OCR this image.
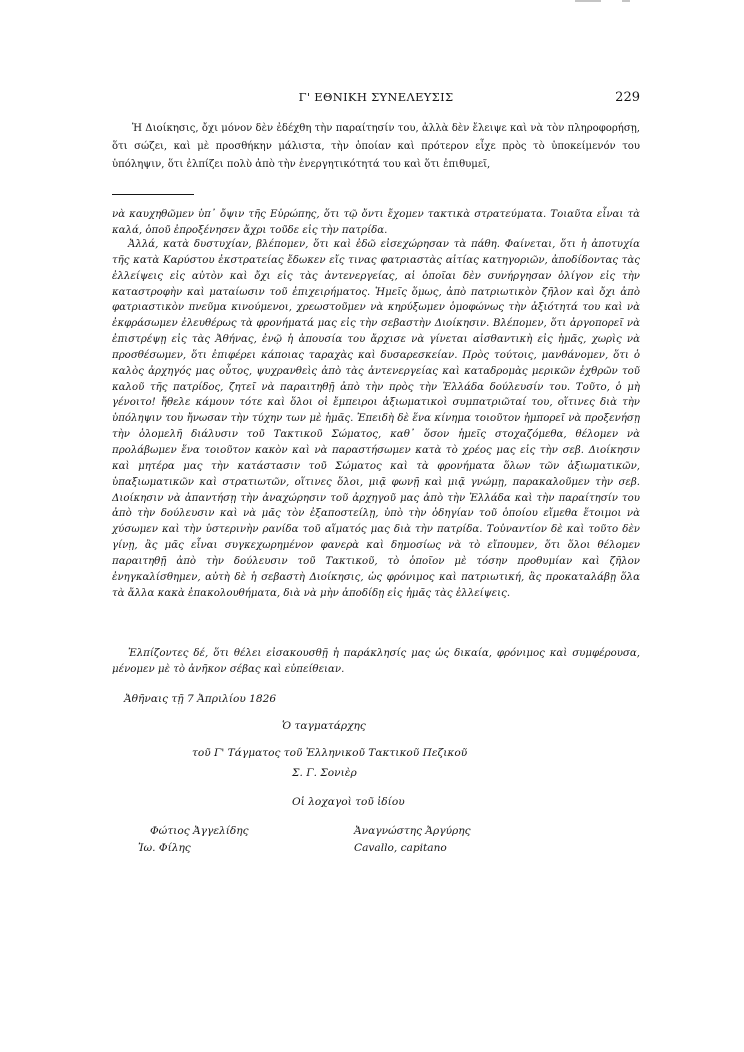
Γ' ΕΘΝΙΚΗ ΣΥΝΕΛΕΥΣΙΣ	229

Ἡ Διοίκησις, ὄχι μόνον δὲν ἐδέχθη τὴν παραίτησίν του, ἀλλὰ δὲν ἔλειψε καὶ νὰ τὸν πληροφορήσῃ, ὅτι σώζει, καὶ μὲ προσθήκην μάλιστα, τὴν ὁποίαν καὶ πρότερον εἶχε πρὸς τὸ ὑποκείμενόν του ὑπόληψιν, ὅτι ἐλπίζει πολὺ ἀπὸ τὴν ἐνεργητικότητά του καὶ ὅτι ἐπιθυμεῖ,

νὰ καυχηθῶμεν ὑπ᾽ ὄψιν τῆς Εὐρώπης, ὅτι τῷ ὄντι ἔχομεν τακτικὰ στρατεύματα. Τοιαῦτα εἶναι τὰ καλά, ὁποῦ ἐπροξένησεν ἄχρι τοῦδε εἰς τὴν πατρίδα.

Ἀλλά, κατὰ δυστυχίαν, βλέπομεν, ὅτι καὶ ἐδῶ εἰσεχώρησαν τὰ πάθη. Φαίνεται, ὅτι ἡ ἀποτυχία τῆς κατὰ Καρύστου ἐκστρατείας ἔδωκεν εἴς τινας φατριαστὰς αἰτίας κατηγοριῶν, ἀποδίδοντας τὰς ἐλλείψεις εἰς αὐτὸν καὶ ὄχι εἰς τὰς ἀντενεργείας, αἱ ὁποῖαι δὲν συνήργησαν ὀλίγον εἰς τὴν καταστροφὴν καὶ ματαίωσιν τοῦ ἐπιχειρήματος. Ἡμεῖς ὅμως, ἀπὸ πατριωτικὸν ζῆλον καὶ ὄχι ἀπὸ φατριαστικὸν πνεῦμα κινούμενοι, χρεωστοῦμεν νὰ κηρύξωμεν ὁμοφώνως τὴν ἀξιότητά του καὶ νὰ ἐκφράσωμεν ἐλευθέρως τὰ φρονήματά μας εἰς τὴν σεβαστὴν Διοίκησιν. Βλέπομεν, ὅτι ἀργοπορεῖ νὰ ἐπιστρέψῃ εἰς τὰς Ἀθήνας, ἐνῷ ἡ ἀπουσία του ἄρχισε νὰ γίνεται αἰσθαντικὴ εἰς ἡμᾶς, χωρὶς νὰ προσθέσωμεν, ὅτι ἐπιφέρει κάποιας ταραχὰς καὶ δυσαρεσκείαν. Πρὸς τούτοις, μανθάνομεν, ὅτι ὁ καλὸς ἀρχηγός μας οὗτος, ψυχρανθεὶς ἀπὸ τὰς ἀντενεργείας καὶ καταδρομὰς μερικῶν ἐχθρῶν τοῦ καλοῦ τῆς πατρίδος, ζητεῖ νὰ παραιτηθῇ ἀπὸ τὴν πρὸς τὴν Ἑλλάδα δούλευσίν του. Τοῦτο, ὁ μὴ γένοιτο! ἤθελε κάμουν τότε καὶ ὅλοι οἱ ἔμπειροι ἀξιωματικοὶ συμπατριῶταί του, οἵτινες διὰ τὴν ὑπόληψιν του ἤνωσαν τὴν τύχην των μὲ ἡμᾶς. Ἐπειδὴ δὲ ἕνα κίνημα τοιοῦτον ἠμπορεῖ νὰ προξενήσῃ τὴν ὁλομελῆ διάλυσιν τοῦ Τακτικοῦ Σώματος, καθ᾽ ὅσον ἡμεῖς στοχαζόμεθα, θέλομεν νὰ προλάβωμεν ἕνα τοιοῦτον κακὸν καὶ νὰ παραστήσωμεν κατὰ τὸ χρέος μας εἰς τὴν σεβ. Διοίκησιν καὶ μητέρα μας τὴν κατάστασιν τοῦ Σώματος καὶ τὰ φρονήματα ὅλων τῶν ἀξιωματικῶν, ὑπαξιωματικῶν καὶ στρατιωτῶν, οἵτινες ὅλοι, μιᾷ φωνῇ καὶ μιᾷ γνώμῃ, παρακαλοῦμεν τὴν σεβ. Διοίκησιν νὰ ἀπαντήσῃ τὴν ἀναχώρησιν τοῦ ἀρχηγοῦ μας ἀπὸ τὴν Ἑλλάδα καὶ τὴν παραίτησίν του ἀπὸ τὴν δούλευσιν καὶ νὰ μᾶς τὸν ἐξαποστείλῃ, ὑπὸ τὴν ὁδηγίαν τοῦ ὁποίου εἴμεθα ἕτοιμοι νὰ χύσωμεν καὶ τὴν ὑστερινὴν ρανίδα τοῦ αἵματός μας διὰ τὴν πατρίδα. Τοὐναντίον δὲ καὶ τοῦτο δὲν γίνῃ, ἂς μᾶς εἶναι συγκεχωρημένον φανερὰ καὶ δημοσίως νὰ τὸ εἴπουμεν, ὅτι ὅλοι θέλομεν παραιτηθῇ ἀπὸ τὴν δούλευσιν τοῦ Τακτικοῦ, τὸ ὁποῖον μὲ τόσην προθυμίαν καὶ ζῆλον ἐνηγκαλίσθημεν, αὐτὴ δὲ ἡ σεβαστὴ Διοίκησις, ὡς φρόνιμος καὶ πατριωτική, ἂς προκαταλάβῃ ὅλα τὰ ἄλλα κακὰ ἐπακολουθήματα, διὰ νὰ μὴν ἀποδίδῃ εἰς ἡμᾶς τὰς ἐλλείψεις.

Ἐλπίζοντες δέ, ὅτι θέλει εἰσακουσθῇ ἡ παράκλησίς μας ὡς δικαία, φρόνιμος καὶ συμφέρουσα, μένομεν μὲ τὸ ἀνῆκον σέβας καὶ εὐπείθειαν.

Ἀθῆναις τῇ 7 Ἀπριλίου 1826
Ὁ ταγματάρχης
τοῦ Γ' Τάγματος τοῦ Ἑλληνικοῦ Τακτικοῦ Πεζικοῦ
Σ. Γ. Σονιὲρ
Οἱ λοχαγοὶ τοῦ ἰδίου
Φώτιος Ἀγγελίδης
Ἰω. Φίλης
Ἀναγνώστης Ἀργύρης
Cavallo, capitano
